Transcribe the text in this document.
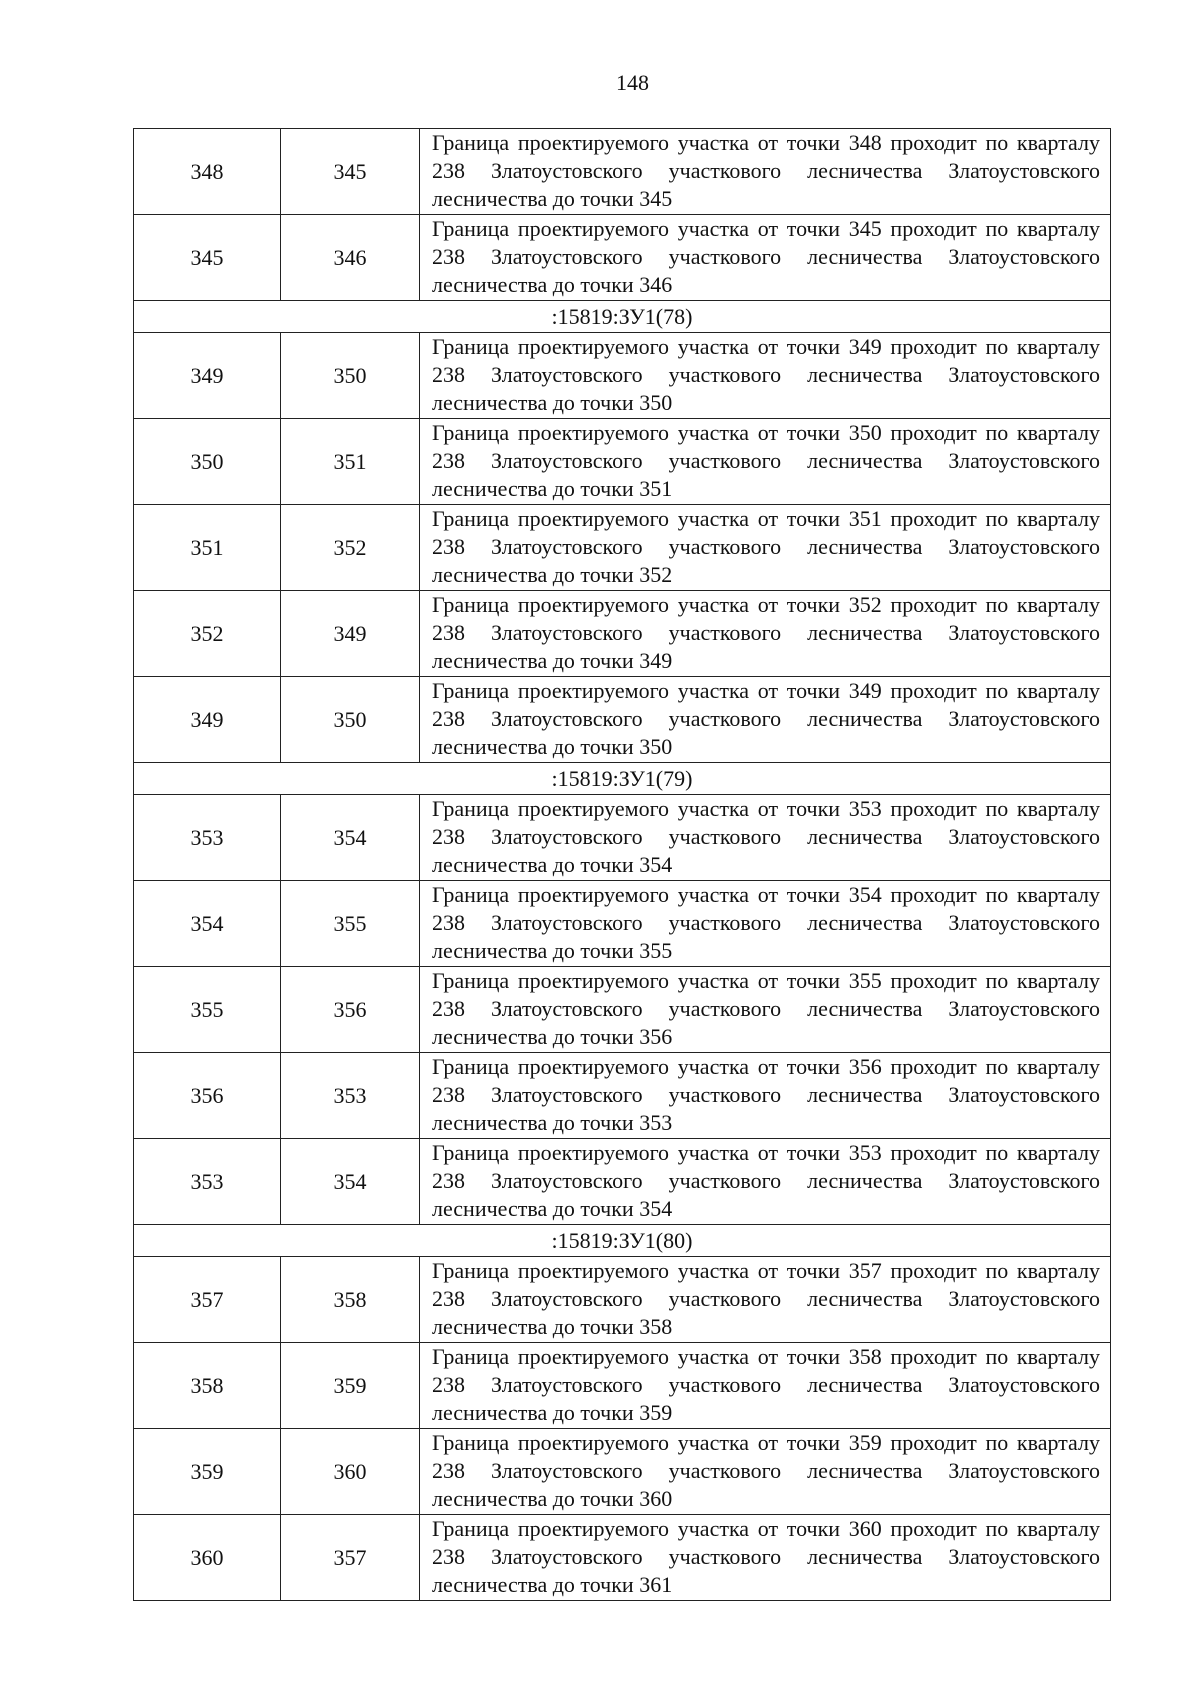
148
348	345	Граница проектируемого участка от точки 348 проходит по кварталу 238 Златоустовского участкового лесничества Златоустовского лесничества до точки 345

345	346	Граница проектируемого участка от точки 345 проходит по кварталу 238 Златоустовского участкового лесничества Златоустовского лесничества до точки 346

:15819:ЗУ1(78)		
349	350	Граница проектируемого участка от точки 349 проходит по кварталу 238 Златоустовского участкового лесничества Златоустовского лесничества до точки 350

350	351	Граница проектируемого участка от точки 350 проходит по кварталу 238 Златоустовского участкового лесничества Златоустовского лесничества до точки 351

351	352	Граница проектируемого участка от точки 351 проходит по кварталу 238 Златоустовского участкового лесничества Златоустовского лесничества до точки 352

352	349	Граница проектируемого участка от точки 352 проходит по кварталу 238 Златоустовского участкового лесничества Златоустовского лесничества до точки 349

349	350	Граница проектируемого участка от точки 349 проходит по кварталу 238 Златоустовского участкового лесничества Златоустовского лесничества до точки 350

:15819:ЗУ1(79)		
353	354	Граница проектируемого участка от точки 353 проходит по кварталу 238 Златоустовского участкового лесничества Златоустовского лесничества до точки 354

354	355	Граница проектируемого участка от точки 354 проходит по кварталу 238 Златоустовского участкового лесничества Златоустовского лесничества до точки 355

355	356	Граница проектируемого участка от точки 355 проходит по кварталу 238 Златоустовского участкового лесничества Златоустовского лесничества до точки 356

356	353	Граница проектируемого участка от точки 356 проходит по кварталу 238 Златоустовского участкового лесничества Златоустовского лесничества до точки 353

353	354	Граница проектируемого участка от точки 353 проходит по кварталу 238 Златоустовского участкового лесничества Златоустовского лесничества до точки 354

:15819:ЗУ1(80)		
357	358	Граница проектируемого участка от точки 357 проходит по кварталу 238 Златоустовского участкового лесничества Златоустовского лесничества до точки 358

358	359	Граница проектируемого участка от точки 358 проходит по кварталу 238 Златоустовского участкового лесничества Златоустовского лесничества до точки 359

359	360	Граница проектируемого участка от точки 359 проходит по кварталу 238 Златоустовского участкового лесничества Златоустовского лесничества до точки 360

360	357	Граница проектируемого участка от точки 360 проходит по кварталу 238 Златоустовского участкового лесничества Златоустовского лесничества до точки 361
